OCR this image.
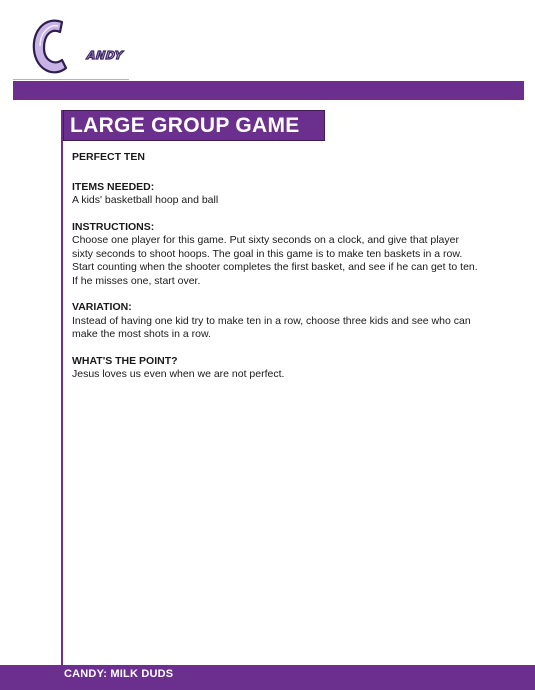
ANDY
LARGE GROUP GAME

PERFECT TEN

ITEMS NEEDED:

A kids' basketball hoop and ball

INSTRUCTIONS:

Choose one player for this game. Put sixty seconds on a clock, and give that player

sixty seconds to shoot hoops. The goal in this game is to make ten baskets in a row.

Start counting when the shooter completes the first basket, and see if he can get to ten.

If he misses one, start over.

VARIATION:

Instead of having one kid try to make ten in a row, choose three kids and see who can

make the most shots in a row.

WHAT'S THE POINT?

Jesus loves us even when we are not perfect.

CANDY: MILK DUDS
